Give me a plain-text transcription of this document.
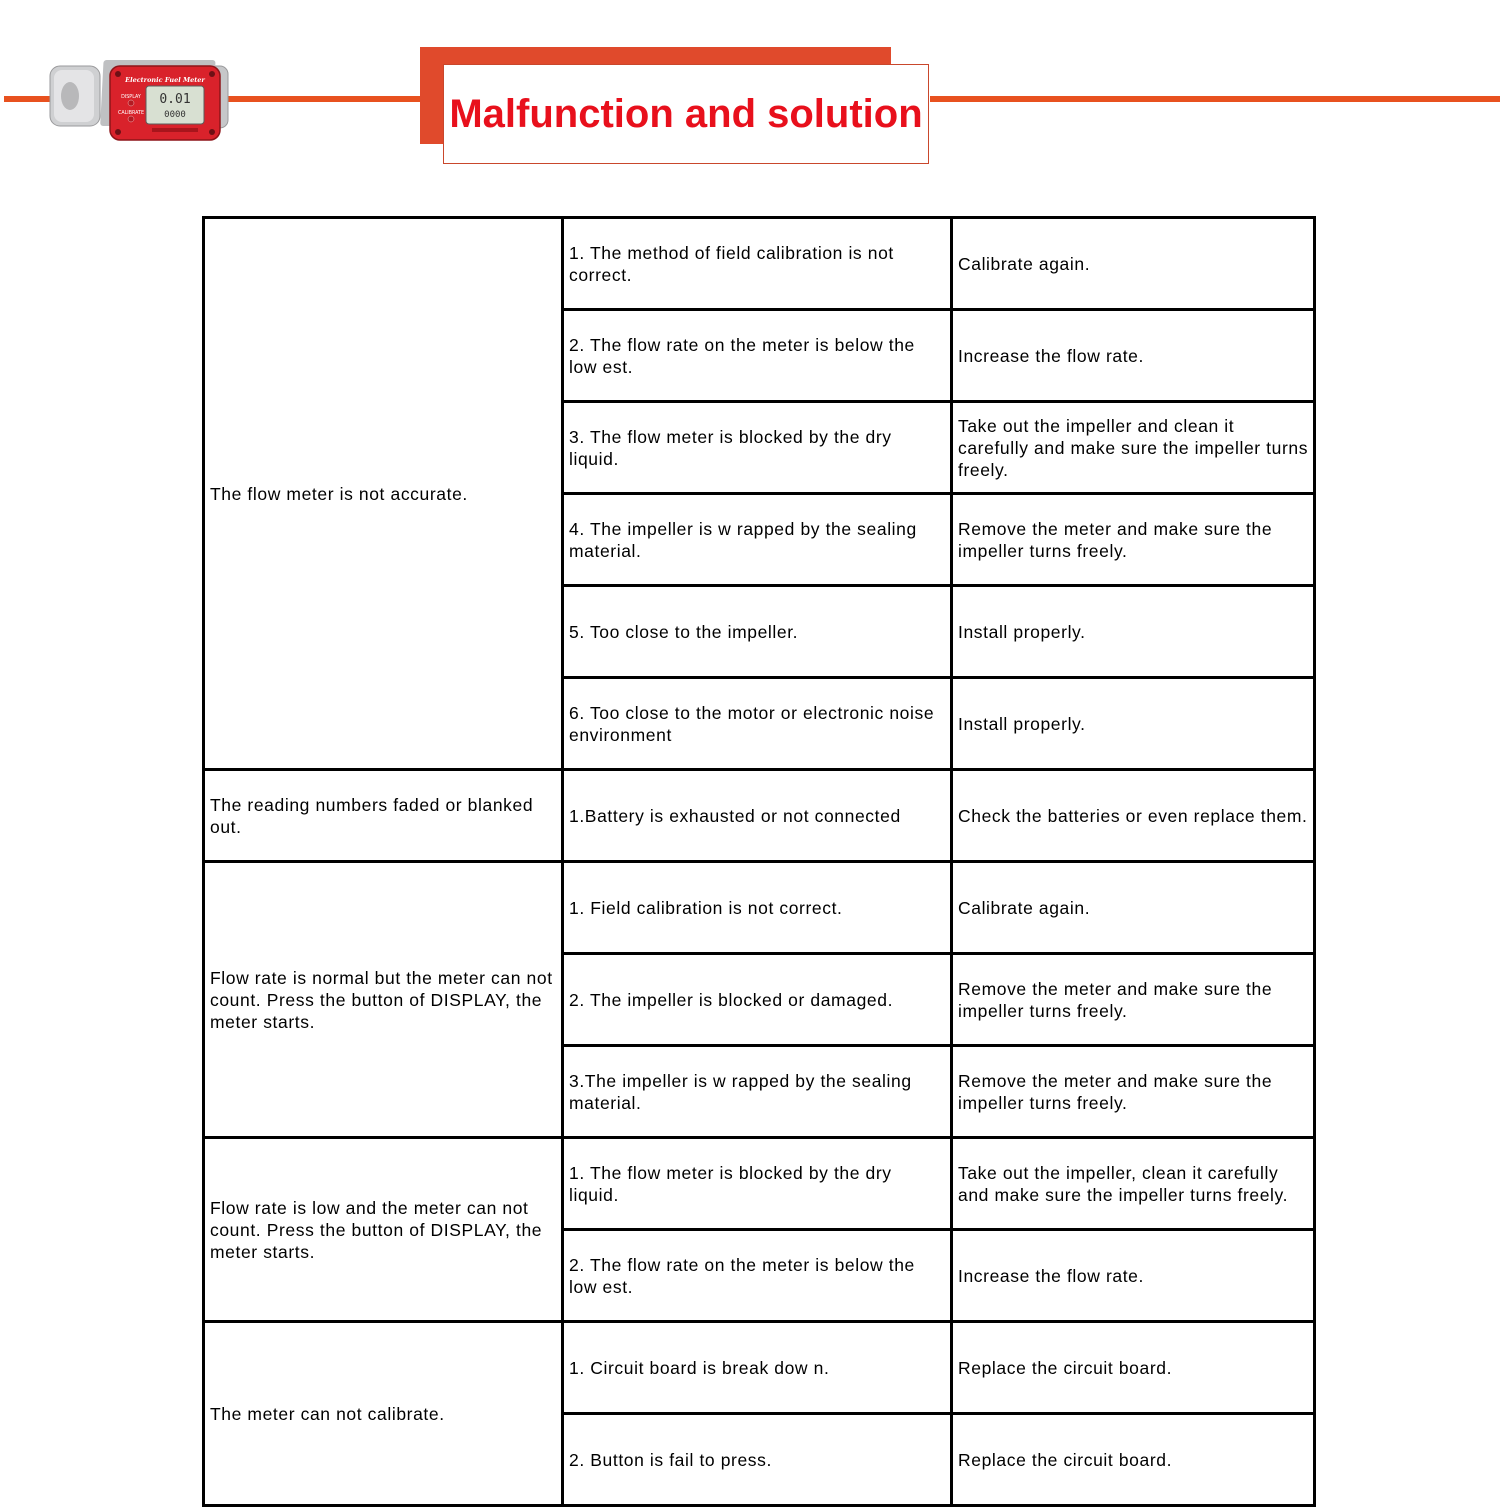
Electronic Fuel Meter
0.01
0000
DISPLAY
CALIBRATE	Malfunction and solution
The flow meter is not accurate.	1. The method of field calibration is not correct.	Calibrate again.
	2. The flow rate on the meter is below the low est.	Increase the flow rate.
	3. The flow meter is blocked by the dry liquid.	Take out the impeller and clean it carefully and make sure the impeller turns freely.
	4. The impeller is w rapped by the sealing material.	Remove the meter and make sure the impeller turns freely.
	5. Too close to the impeller.	Install properly.
	6. Too close to the motor or electronic noise environment	Install properly.
The reading numbers faded or blanked out.	1.Battery is exhausted or not connected	Check the batteries or even replace them.
Flow rate is normal but the meter can not count. Press the button of DISPLAY, the meter starts.	1. Field calibration is not correct.	Calibrate again.
	2. The impeller is blocked or damaged.	Remove the meter and make sure the impeller turns freely.
	3.The impeller is w rapped by the sealing material.	Remove the meter and make sure the impeller turns freely.
Flow rate is low and the meter can not count. Press the button of DISPLAY, the meter starts.	1. The flow meter is blocked by the dry liquid.	Take out the impeller, clean it carefully and make sure the impeller turns freely.
	2. The flow rate on the meter is below the low est.	Increase the flow rate.
The meter can not calibrate.	1. Circuit board is break dow n.	Replace the circuit board.
	2. Button is fail to press.	Replace the circuit board.
